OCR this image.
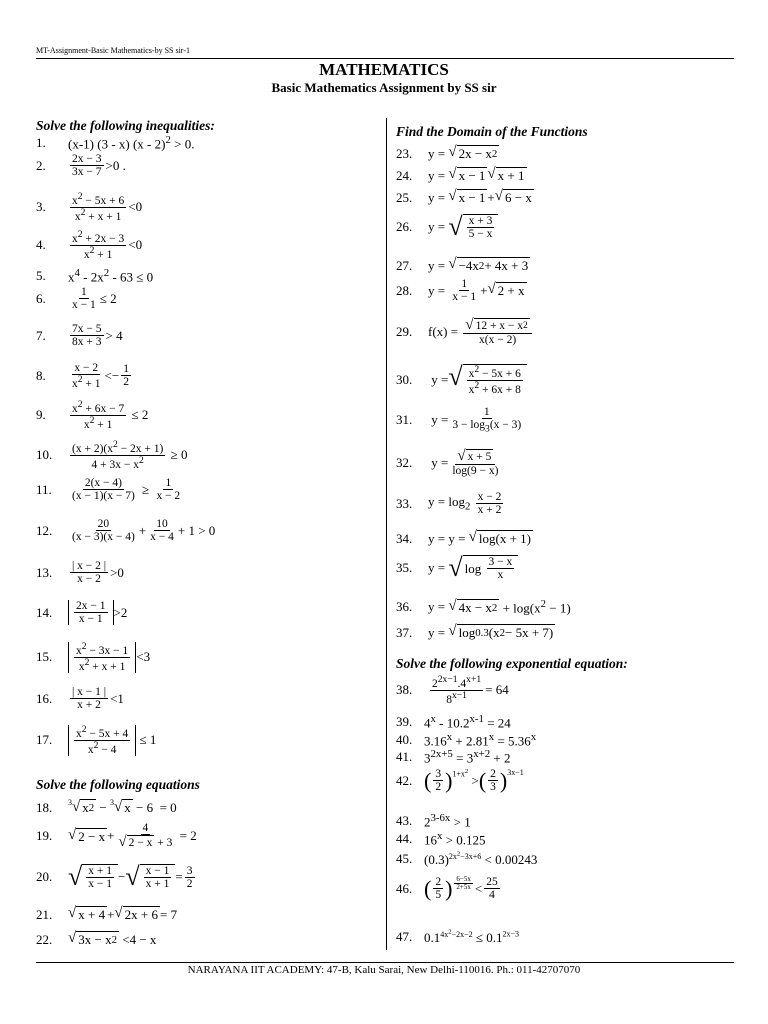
MT-Assignment-Basic Mathematics-by SS sir-1
MATHEMATICS
Basic Mathematics Assignment by SS sir
Solve the following inequalities:
1.	(x-1) (3 - x) (x - 2)$^2$ > 0.
2.	2x − 3
3x − 7 >0 .
3.	$x^2 - 5x + 6$
$x^2 + x + 1$
<0
4.	$x^2 + 2x - 3$
$x^2 + 1$
<0
5.	$x^4 - 2x^2 - 63 \le 0$
6.	$\frac{1}{x - 1} \le 2$
7.	7x − 5
8x + 3 > 4
8.	x − 2
$x^2 + 1$
<− $\frac{1}{2}$
9.	$\frac{x^2 + 6x - 7}{x^2 + 1} \le 2$
10.	$\frac{(x + 2)(x^2 - 2x + 1)}{4 + 3x - x^2} \ge 0$
11.	$\frac{2(x - 4)}{(x - 1)(x - 7)} \ge \frac{1}{x - 2}$
12.	20
$(x - 3)(x - 4) + \frac{10}{x - 4} + 1 > 0$
13.	| x − 2 |
x − 2 >0
14.	2x − 1
x − 1 >2
15.	$x^2 - 3x - 1$
$x^2 + x + 1$
<3
16.	| x − 1 |
x + 2 <1
17.	$x^2 - 5x + 4$
$x^2 - 4$
≤ 1
Solve the following equations
18.	$^3$√ x 2 − $^3$√ x − 6  = 0
19.	√ $2 - x + \frac{4}{√ 2 - x + 3} = 2$
20. √ x + 1
x − 1 − √ x − 1
$x + 1 = \frac{3}{2}$
21.	√ x + 4 + √ 2x + 6 = 7
22.	√ 3x − x 2 <4 − x
Find the Domain of the Functions
23.	y = √ 2x − x 2
24.	y = √ x − 1 √ x + 1
25.	y = √ x − 1 + √ 6 − x
26.	y = √ x + 3
5 − x
27.	y = √ −4x 2 + 4x + 3
28.	$y = \frac{1}{x - 1}$ + √ 2 + x
29.	$f(x) = \frac{√ 12 + x - x 2}{x(x - 2)}$
30.	y = √ $x^2 - 5x + 6$
$x^2 + 6x + 8$
31.	$y = \frac{1}{3 - \log_3(x - 3)}$
32.	$y = \frac{√ x + 5}{\log(9 - x)}$
33.	$y = \log_2$
x − 2
x + 2
34.	y = y = √ log(x + 1)
35.	y = √ log 3 − x
x
36.	y = √ 4x − x $2 + \log(x^2 - 1)$
37.	y = √ log 0.3 (x 2 − 5x + 7)
Solve the following exponential equation:
38.	$\frac{2^{2x-1}.4^{x+1}}{8^{x-1}} = 64$
39. $4^x - 10.2^{x-1} = 24$
40. $3.16^x + 2.81^x = 5.36^x$
41. $3^{2x+5} = 3^{x+2} + 2$
42. ( 3
2 )$^{1+x^2}$
> ( 2
3 )$^{3x-1}$
43. $2^{3-6x} > 1$
44. $16^x > 0.125$
45. $(0.3)^{2x^2-3x+6} < 0.00243$
46. ( 2
5 ) 6−5x
2+5x < 25
4
47. $0.1^{4x^2-2x-2} \le 0.1^{2x-3}$
NARAYANA IIT ACADEMY: 47-B, Kalu Sarai, New Delhi-110016. Ph.: 011-42707070
